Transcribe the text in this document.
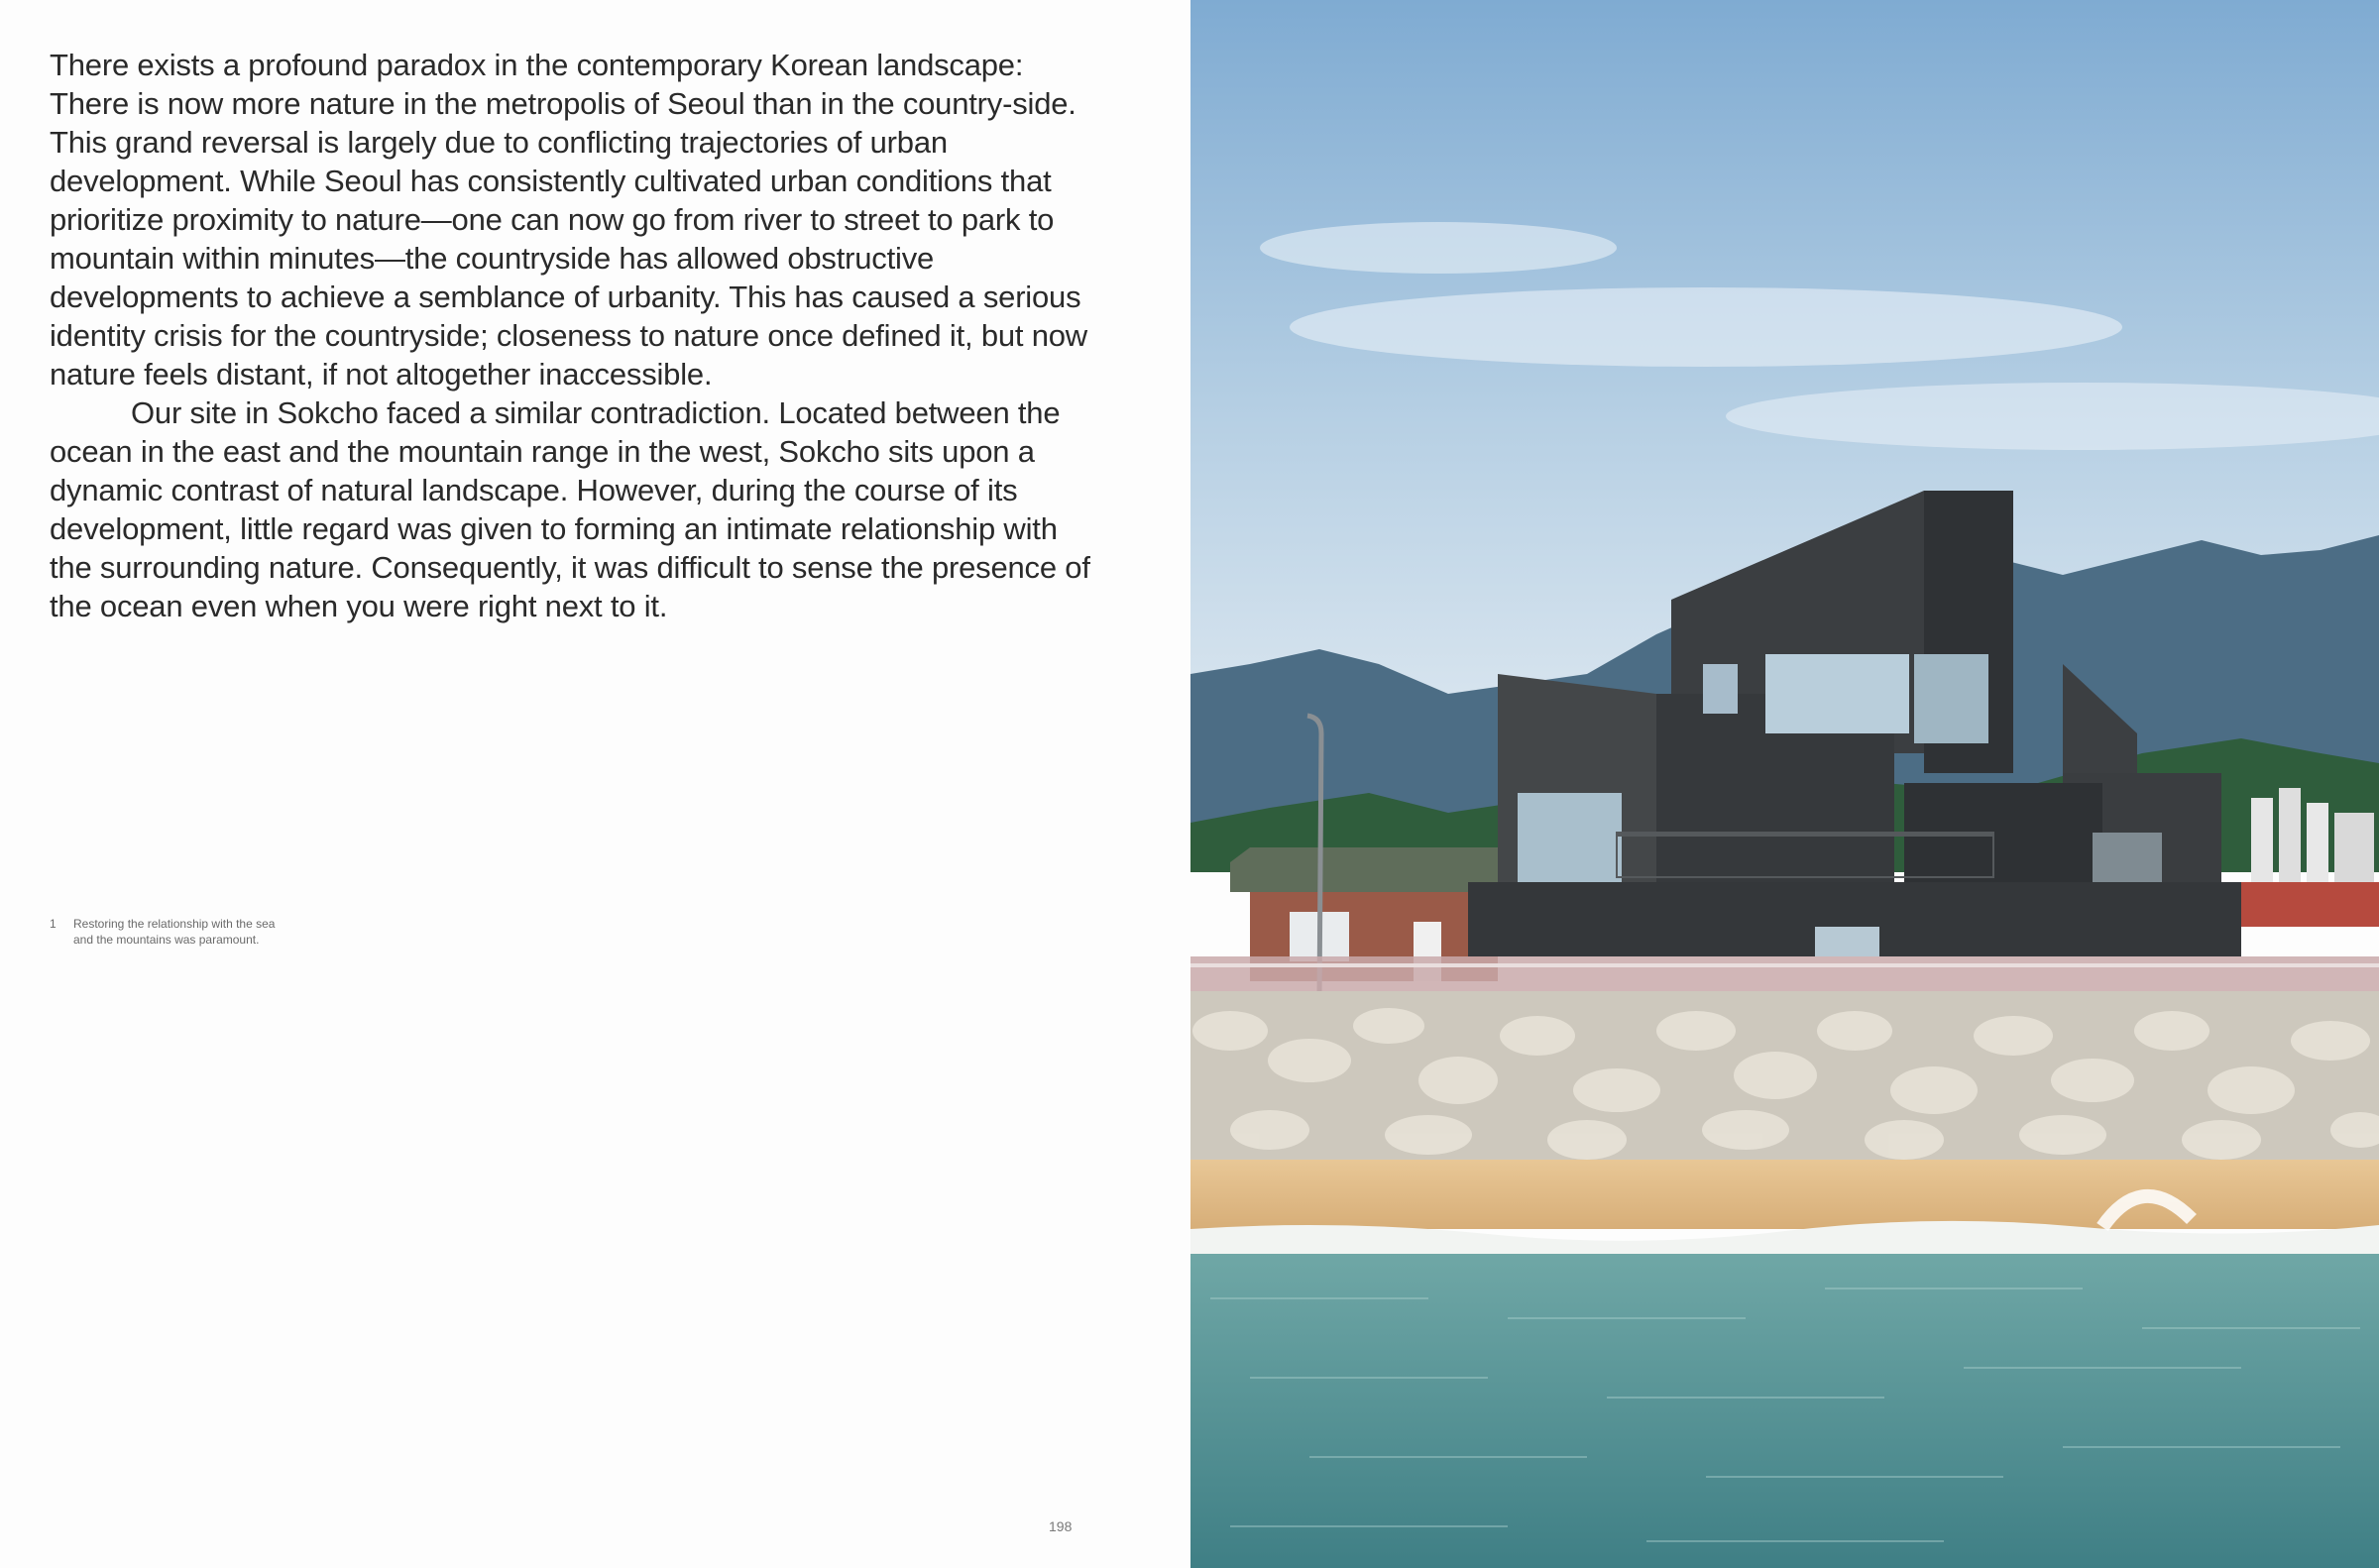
There exists a profound paradox in the contemporary Korean landscape: There is now more nature in the metropolis of Seoul than in the country-side. This grand reversal is largely due to conflicting trajectories of urban development. While Seoul has consistently cultivated urban conditions that prioritize proximity to nature—one can now go from river to street to park to mountain within minutes—the countryside has allowed obstructive developments to achieve a semblance of urbanity. This has caused a serious identity crisis for the countryside; closeness to nature once defined it, but now nature feels distant, if not altogether inaccessible.

Our site in Sokcho faced a similar contradiction. Located between the ocean in the east and the mountain range in the west, Sokcho sits upon a dynamic contrast of natural landscape. However, during the course of its development, little regard was given to forming an intimate relationship with the surrounding nature. Consequently, it was difficult to sense the presence of the ocean even when you were right next to it.

1	Restoring the relationship with the sea and the mountains was paramount.
198
